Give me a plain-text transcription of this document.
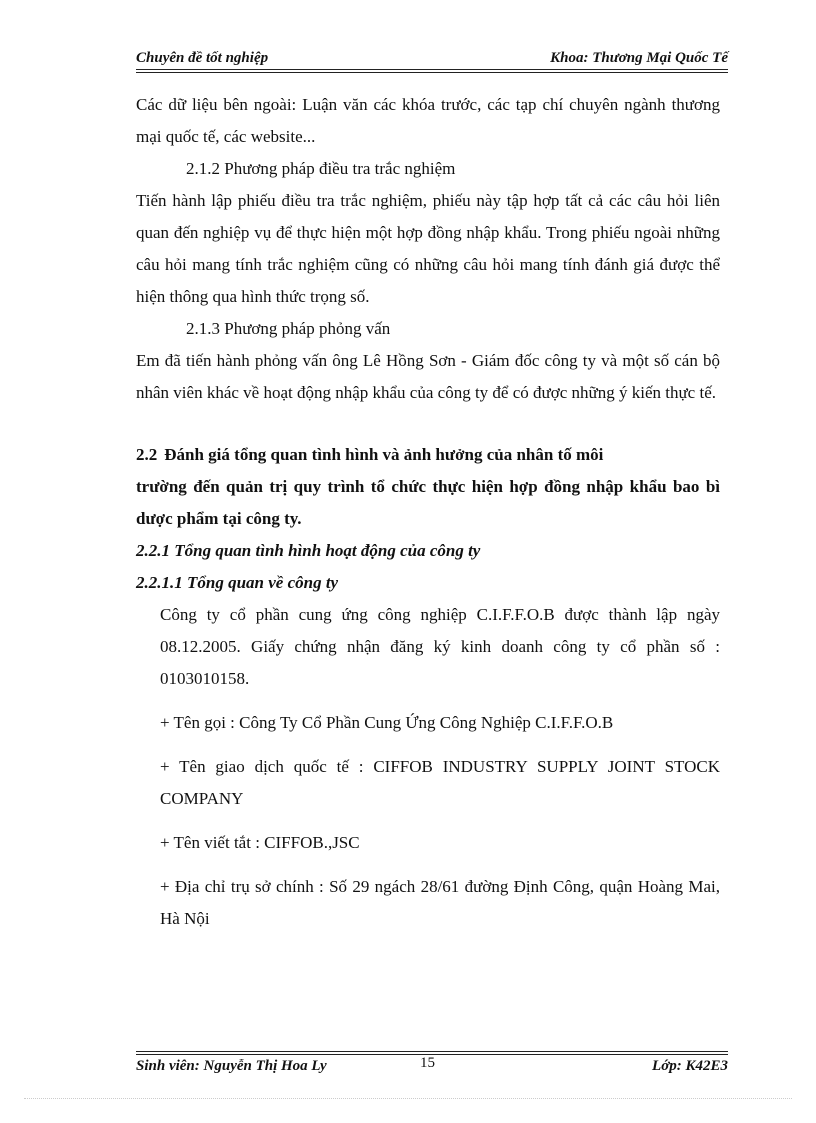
Chuyên đề tốt nghiệp	Khoa: Thương Mại Quốc Tế

Các dữ liệu bên ngoài: Luận văn các khóa trước, các tạp chí chuyên ngành thương mại quốc tế, các website...

2.1.2 Phương pháp điều tra trắc nghiệm

Tiến hành lập phiếu điều tra trắc nghiệm, phiếu này tập hợp tất cả các câu hỏi liên quan đến nghiệp vụ để thực hiện một hợp đồng nhập khẩu. Trong phiếu ngoài những câu hỏi mang tính trắc nghiệm cũng có những câu hỏi mang tính đánh giá được thể hiện thông qua hình thức trọng số.

2.1.3 Phương pháp phỏng vấn

Em đã tiến hành phỏng vấn ông Lê Hồng Sơn - Giám đốc công ty và một số cán bộ nhân viên khác về hoạt động nhập khẩu của công ty để có được những ý kiến thực tế.

2.2 Đánh giá tổng quan tình hình và ảnh hưởng của nhân tố môi

trường đến quản trị quy trình tổ chức thực hiện hợp đồng nhập khẩu bao bì dược phẩm tại công ty.

2.2.1 Tổng quan tình hình hoạt động của công ty

2.2.1.1 Tổng quan về công ty

Công ty cổ phần cung ứng công nghiệp C.I.F.F.O.B được thành lập ngày 08.12.2005. Giấy chứng nhận đăng ký kinh doanh công ty cổ phần số : 0103010158.

+ Tên gọi : Công Ty Cổ Phần Cung Ứng Công Nghiệp C.I.F.F.O.B

+ Tên giao dịch quốc tế : CIFFOB INDUSTRY SUPPLY JOINT STOCK COMPANY

+ Tên viết tắt : CIFFOB.,JSC

+ Địa chỉ trụ sở chính : Số 29 ngách 28/61 đường Định Công, quận Hoàng Mai, Hà Nội

Sinh viên: Nguyễn Thị Hoa Ly	15	Lớp: K42E3
